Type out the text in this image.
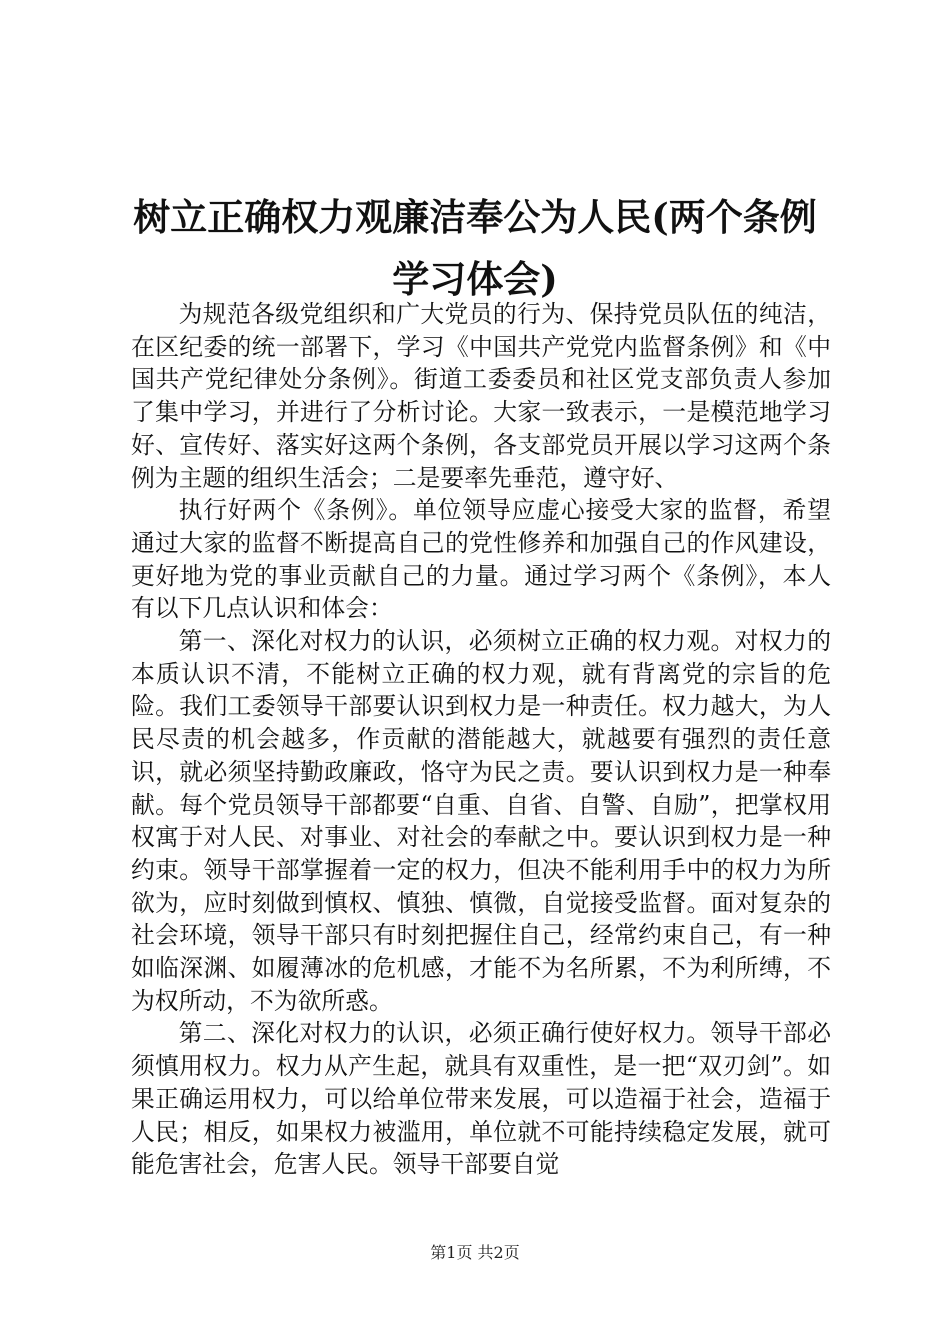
树立正确权力观廉洁奉公为人民(两个条例学习体会)

为规范各级党组织和广大党员的行为、保持党员队伍的纯洁，在区纪委的统一部署下，学习《中国共产党党内监督条例》和《中国共产党纪律处分条例》。街道工委委员和社区党支部负责人参加了集中学习，并进行了分析讨论。大家一致表示，一是模范地学习好、宣传好、落实好这两个条例，各支部党员开展以学习这两个条例为主题的组织生活会；二是要率先垂范，遵守好、

执行好两个《条例》。单位领导应虚心接受大家的监督，希望通过大家的监督不断提高自己的党性修养和加强自己的作风建设，更好地为党的事业贡献自己的力量。通过学习两个《条例》，本人有以下几点认识和体会：

第一、深化对权力的认识，必须树立正确的权力观。对权力的本质认识不清，不能树立正确的权力观，就有背离党的宗旨的危险。我们工委领导干部要认识到权力是一种责任。权力越大，为人民尽责的机会越多，作贡献的潜能越大，就越要有强烈的责任意识，就必须坚持勤政廉政，恪守为民之责。要认识到权力是一种奉献。每个党员领导干部都要“自重、自省、自警、自励”，把掌权用权寓于对人民、对事业、对社会的奉献之中。要认识到权力是一种约束。领导干部掌握着一定的权力，但决不能利用手中的权力为所欲为，应时刻做到慎权、慎独、慎微，自觉接受监督。面对复杂的社会环境，领导干部只有时刻把握住自己，经常约束自己，有一种如临深渊、如履薄冰的危机感，才能不为名所累，不为利所缚，不为权所动，不为欲所惑。

第二、深化对权力的认识，必须正确行使好权力。领导干部必须慎用权力。权力从产生起，就具有双重性，是一把“双刃剑”。如果正确运用权力，可以给单位带来发展，可以造福于社会，造福于人民；相反，如果权力被滥用，单位就不可能持续稳定发展，就可能危害社会，危害人民。领导干部要自觉

第1页 共2页
